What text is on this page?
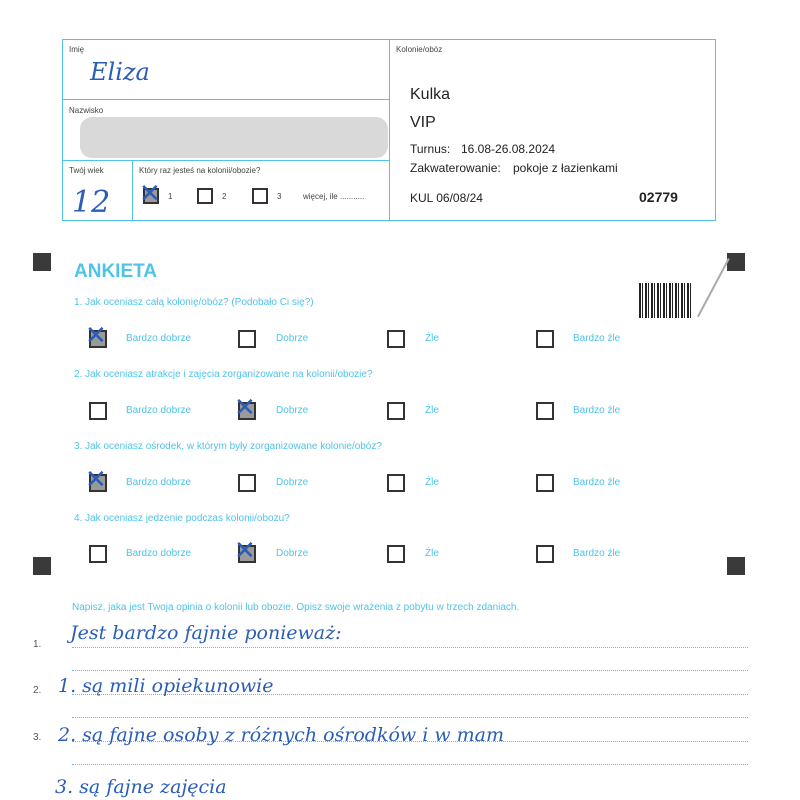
Imię
Eliza
Nazwisko
Twój wiek
12
Który raz jesteś na kolonii/obozie?
✕ 1	2	3	więcej, ile ...........
Kolonie/obóz
Kulka
VIP
Turnus: 16.08-26.08.2024
Zakwaterowanie: pokoje z łazienkami
KUL 06/08/24	02779
ANKIETA
1. Jak oceniasz całą kolonię/obóz? (Podobało Ci się?)
2. Jak oceniasz atrakcje i zajęcia zorganizowane na kolonii/obozie?
3. Jak oceniasz ośrodek, w którym były zorganizowane kolonie/obóz?
4. Jak oceniasz jedzenie podczas kolonii/obozu?
✕ Bardzo dobrze	Dobrze	Źle	Bardzo źle
Bardzo dobrze ✕ Dobrze	Źle	Bardzo źle
✕ Bardzo dobrze	Dobrze	Źle	Bardzo źle
Bardzo dobrze ✕ Dobrze	Źle	Bardzo źle
Napisz, jaka jest Twoja opinia o kolonii lub obozie. Opisz swoje wrażenia z pobytu w trzech zdaniach.
1.
2.
3.
Jest bardzo fajnie ponieważ:
1. są mili opiekunowie
2. są fajne osoby z różnych ośrodków i w mam
3. są fajne zajęcia
